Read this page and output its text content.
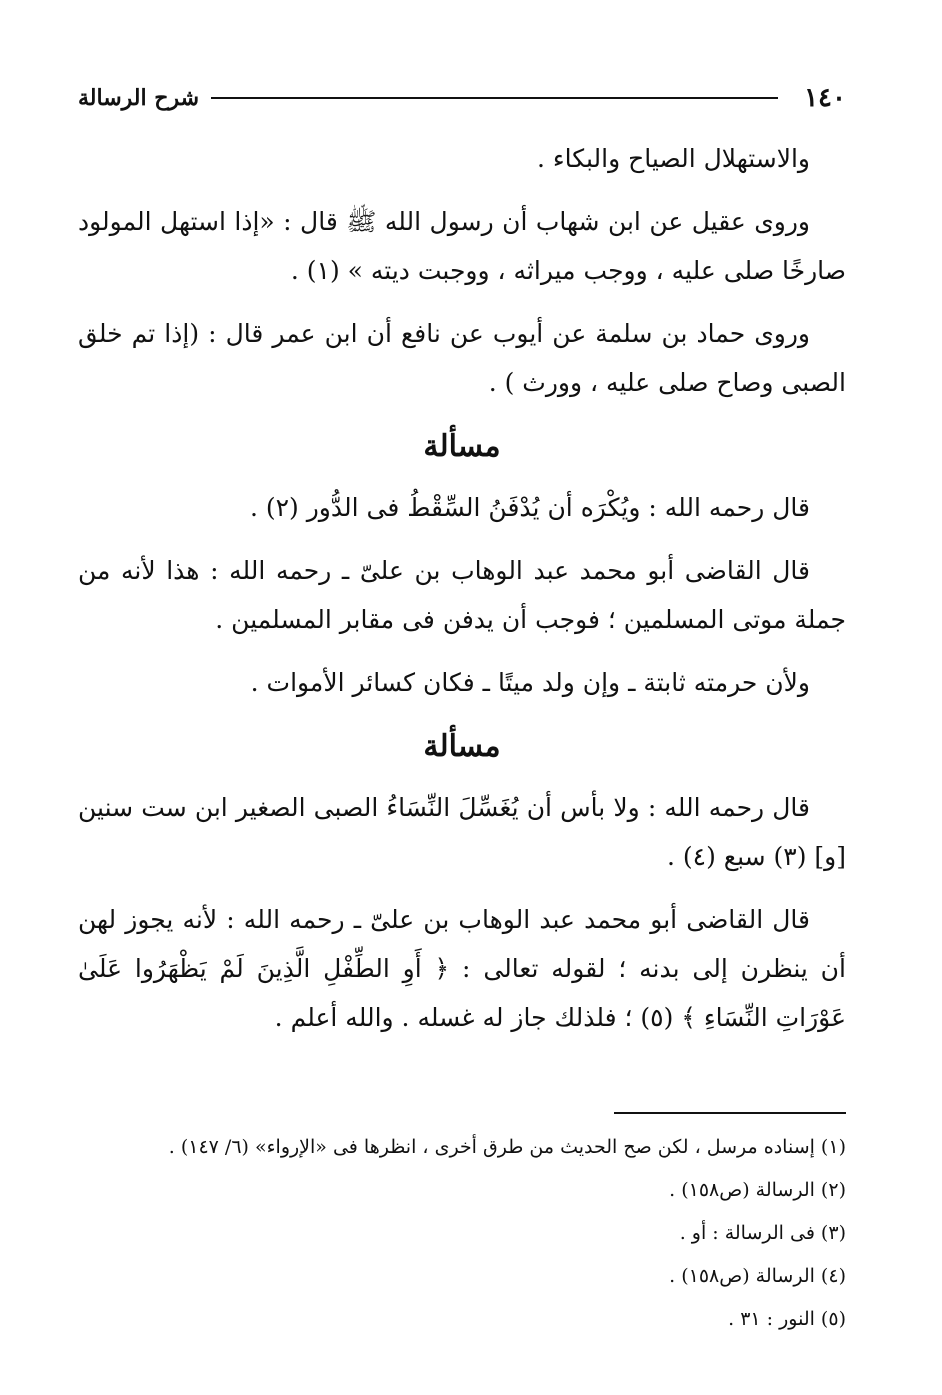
١٤٠
شرح الرسالة

والاستهلال الصياح والبكاء .

وروى عقيل عن ابن شهاب أن رسول الله ﷺ قال : «إذا استهل المولود صارخًا صلى عليه ، ووجب ميراثه ، ووجبت ديته » (١) .

وروى حماد بن سلمة عن أيوب عن نافع أن ابن عمر قال : (إذا تم خلق الصبى وصاح صلى عليه ، وورث ) .

مسألة

قال رحمه الله : ويُكْرَه أن يُدْفَنُ السِّقْطُ فى الدُّور (٢) .

قال القاضى أبو محمد عبد الوهاب بن علىّ ـ رحمه الله : هذا لأنه من جملة موتى المسلمين ؛ فوجب أن يدفن فى مقابر المسلمين .

ولأن حرمته ثابتة ـ وإن ولد ميتًا ـ فكان كسائر الأموات .

مسألة

قال رحمه الله : ولا بأس أن يُغَسِّلَ النِّسَاءُ الصبى الصغير ابن ست سنين [و] (٣) سبع (٤) .

قال القاضى أبو محمد عبد الوهاب بن علىّ ـ رحمه الله : لأنه يجوز لهن أن ينظرن إلى بدنه ؛ لقوله تعالى : ﴿ أَوِ الطِّفْلِ الَّذِينَ لَمْ يَظْهَرُوا عَلَىٰ عَوْرَاتِ النِّسَاءِ ﴾ (٥) ؛ فلذلك جاز له غسله . والله أعلم .

(١) إسناده مرسل ، لكن صح الحديث من طرق أخرى ، انظرها فى «الإرواء» (٦/ ١٤٧) .

(٢) الرسالة (ص١٥٨) .

(٣) فى الرسالة : أو .

(٤) الرسالة (ص١٥٨) .

(٥) النور : ٣١ .
